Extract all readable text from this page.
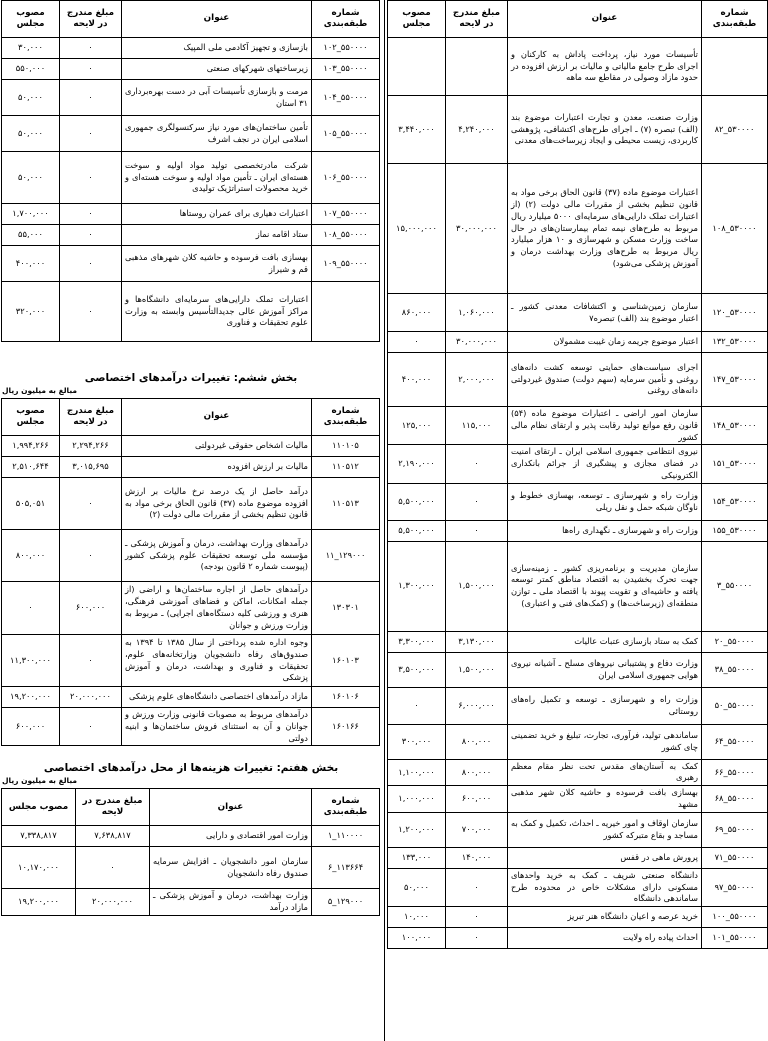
شماره طبقه‌بندی	عنوان	مبلغ مندرج در لایحه	مصوب مجلس
	تأسیسات مورد نیاز، پرداخت پاداش به کارکنان و اجرای طرح جامع مالیاتی و مالیات بر ارزش افزوده در حدود مازاد وصولی در مقاطع سه ماهه		
۵۳۰۰۰۰_۸۲	وزارت صنعت، معدن و تجارت اعتبارات موضوع بند (الف) تبصره (۷) ـ اجرای طرح‌های اکتشافی، پژوهشی کاربردی، زیست محیطی و ایجاد زیرساخت‌های معدنی	۴,۲۴۰,۰۰۰	۳,۴۴۰,۰۰۰
۵۳۰۰۰۰_۱۰۸	اعتبارات موضوع ماده (۳۷) قانون الحاق برخی مواد به قانون تنظیم بخشی از مقررات مالی دولت (۲) (از اعتبارات تملک دارایی‌های سرمایه‌ای ۵۰۰۰ میلیارد ریال مربوط به طرح‌های نیمه تمام بیمارستان‌های در حال ساخت وزارت مسکن و شهرسازی و ۱۰ هزار میلیارد ریال مربوط به طرح‌های وزارت بهداشت درمان و آموزش پزشکی می‌شود)	۳۰,۰۰۰,۰۰۰	۱۵,۰۰۰,۰۰۰
۵۳۰۰۰۰_۱۲۰	سازمان زمین‌شناسی و اکتشافات معدنی کشور ـ اعتبار موضوع بند (الف) تبصره۷	۱,۰۶۰,۰۰۰	۸۶۰,۰۰۰
۵۳۰۰۰۰_۱۳۲	اعتبار موضوع جریمه زمان غیبت مشمولان	۳۰,۰۰۰,۰۰۰	۰
۵۳۰۰۰۰_۱۴۷	اجرای سیاست‌های حمایتی توسعه کشت دانه‌های روغنی و تأمین سرمایه (سهم دولت) صندوق غیردولتی دانه‌های روغنی	۲,۰۰۰,۰۰۰	۴۰۰,۰۰۰
۵۳۰۰۰۰_۱۴۸	سازمان امور اراضی ـ اعتبارات موضوع ماده (۵۴) قانون رفع موانع تولید رقابت پذیر و ارتقای نظام مالی کشور	۱۱۵,۰۰۰	۱۲۵,۰۰۰
۵۳۰۰۰۰_۱۵۱	نیروی انتظامی جمهوری اسلامی ایران ـ ارتقای امنیت در فضای مجازی و پیشگیری از جرائم بانکداری الکترونیکی	۰	۲,۱۹۰,۰۰۰
۵۳۰۰۰۰_۱۵۴	وزارت راه و شهرسازی ـ توسعه، بهسازی خطوط و ناوگان شبکه حمل و نقل ریلی	۰	۵,۵۰۰,۰۰۰
۵۳۰۰۰۰_۱۵۵	وزارت راه و شهرسازی ـ نگهداری راه‌ها	۰	۵,۵۰۰,۰۰۰
۵۵۰۰۰۰_۳	سازمان مدیریت و برنامه‌ریزی کشور ـ زمینه‌سازی جهت تحرک بخشیدن به اقتصاد مناطق کمتر توسعه یافته و حاشیه‌ای و تقویت پیوند با اقتصاد ملی ـ توازن منطقه‌ای (زیرساخت‌ها) و (کمک‌های فنی و اعتباری)	۱,۵۰۰,۰۰۰	۱,۳۰۰,۰۰۰
۵۵۰۰۰۰_۲۰	کمک به ستاد بازسازی عتبات عالیات	۳,۱۳۰,۰۰۰	۳,۳۰۰,۰۰۰
۵۵۰۰۰۰_۳۸	وزارت دفاع و پشتیبانی نیروهای مسلح ـ آشیانه نیروی هوایی جمهوری اسلامی ایران	۱,۵۰۰,۰۰۰	۳,۵۰۰,۰۰۰
۵۵۰۰۰۰_۵۰	وزارت راه و شهرسازی ـ توسعه و تکمیل راه‌های روستائی	۶,۰۰۰,۰۰۰	۰
۵۵۰۰۰۰_۶۴	ساماندهی تولید، فرآوری، تجارت، تبلیغ و خرید تضمینی چای کشور	۸۰۰,۰۰۰	۳۰۰,۰۰۰
۵۵۰۰۰۰_۶۶	کمک به آستان‌های مقدس تحت نظر مقام معظم رهبری	۸۰۰,۰۰۰	۱,۱۰۰,۰۰۰
۵۵۰۰۰۰_۶۸	بهسازی بافت فرسوده و حاشیه کلان شهر مذهبی مشهد	۶۰۰,۰۰۰	۱,۰۰۰,۰۰۰
۵۵۰۰۰۰_۶۹	سازمان اوقاف و امور خیریه ـ احداث، تکمیل و کمک به مساجد و بقاع متبرکه کشور	۷۰۰,۰۰۰	۱,۲۰۰,۰۰۰
۵۵۰۰۰۰_۷۱	پرورش ماهی در قفس	۱۴۰,۰۰۰	۱۳۳,۰۰۰
۵۵۰۰۰۰_۹۷	دانشگاه صنعتی شریف ـ کمک به خرید واحدهای مسکونی دارای مشکلات خاص در محدوده طرح ساماندهی دانشگاه	۰	۵۰,۰۰۰
۵۵۰۰۰۰_۱۰۰	خرید عرصه و اعیان دانشگاه هنر تبریز	۰	۱۰,۰۰۰
۵۵۰۰۰۰_۱۰۱	احداث پیاده راه ولایت	۰	۱۰۰,۰۰۰
شماره طبقه‌بندی	عنوان	مبلغ مندرج در لایحه	مصوب مجلس
۵۵۰۰۰۰_۱۰۲	بازسازی و تجهیز آکادمی ملی المپیک	۰	۳۰,۰۰۰
۵۵۰۰۰۰_۱۰۳	زیرساختهای شهرکهای صنعتی	۰	۵۵۰,۰۰۰
۵۵۰۰۰۰_۱۰۴	مرمت و بازسازی تأسیسات آبی در دست بهره‌برداری ۳۱ استان	۰	۵۰,۰۰۰
۵۵۰۰۰۰_۱۰۵	تأمین ساختمان‌های مورد نیاز سرکنسولگری جمهوری اسلامی ایران در نجف اشرف	۰	۵۰,۰۰۰
۵۵۰۰۰۰_۱۰۶	شرکت مادرتخصصی تولید مواد اولیه و سوخت هسته‌ای ایران ـ تأمین مواد اولیه و سوخت هسته‌ای و خرید محصولات استراتژیک تولیدی	۰	۵۰,۰۰۰
۵۵۰۰۰۰_۱۰۷	اعتبارات دهیاری برای عمران روستاها	۰	۱,۷۰۰,۰۰۰
۵۵۰۰۰۰_۱۰۸	ستاد اقامه نماز	۰	۵۵,۰۰۰
۵۵۰۰۰۰_۱۰۹	بهسازی بافت فرسوده و حاشیه کلان شهرهای مذهبی قم و شیراز	۰	۴۰۰,۰۰۰
	اعتبارات تملک دارایی‌های سرمایه‌ای دانشگاه‌ها و مراکز آموزش عالی جدیدالتأسیس وابسته به وزارت علوم تحقیقات و فناوری	۰	۳۲۰,۰۰۰
بخش ششم: تغییرات درآمدهای اختصاصی
مبالغ به میلیون ریال
شماره طبقه‌بندی	عنوان	مبلغ مندرج در لایحه	مصوب مجلس
۱۱۰۱۰۵	مالیات اشخاص حقوقی غیردولتی	۲,۲۹۴,۲۶۶	۱,۹۹۴,۲۶۶
۱۱۰۵۱۲	مالیات بر ارزش افزوده	۳,۰۱۵,۶۹۵	۲,۵۱۰,۶۴۴
۱۱۰۵۱۳	درآمد حاصل از یک درصد نرخ مالیات بر ارزش افزوده موضوع ماده (۳۷) قانون الحاق برخی مواد به قانون تنظیم بخشی از مقررات مالی دولت (۲)	۰	۵۰۵,۰۵۱
۱۲۹۰۰۰_۱۱	درآمدهای وزارت بهداشت، درمان و آموزش پزشکی ـ مؤسسه ملی توسعه تحقیقات علوم پزشکی کشور (پیوست شماره ۲ قانون بودجه)	۰	۸۰۰,۰۰۰
۱۳۰۳۰۱	درآمدهای حاصل از اجاره ساختمان‌ها و اراضی (از جمله امکانات، اماکن و فضاهای آموزشی فرهنگی، هنری و ورزشی کلیه دستگاه‌های اجرایی) ـ مربوط به وزارت ورزش و جوانان	۶۰۰,۰۰۰	۰
۱۶۰۱۰۳	وجوه اداره شده پرداختی از سال ۱۳۸۵ تا ۱۳۹۴ به صندوق‌های رفاه دانشجویان وزارتخانه‌های علوم، تحقیقات و فناوری و بهداشت، درمان و آموزش پزشکی	۰	۱۱,۳۰۰,۰۰۰
۱۶۰۱۰۶	مازاد درآمدهای اختصاصی دانشگاه‌های علوم پزشکی	۲۰,۰۰۰,۰۰۰	۱۹,۲۰۰,۰۰۰
۱۶۰۱۶۶	درآمدهای مربوط به مصوبات قانونی وزارت ورزش و جوانان و آن به استثنای فروش ساختمان‌ها و ابنیه دولتی	۰	۶۰۰,۰۰۰
بخش هفتم: تغییرات هزینه‌ها از محل درآمدهای اختصاصی
مبالغ به میلیون ریال
شماره طبقه‌بندی	عنوان	مبلغ مندرج در لایحه	مصوب مجلس
۱۱۰۰۰۰_۱	وزارت امور اقتصادی و دارایی	۷,۶۳۸,۸۱۷	۷,۳۳۸,۸۱۷
۱۱۳۶۶۴_۶	سازمان امور دانشجویان ـ افزایش سرمایه صندوق رفاه دانشجویان	۰	۱۰,۱۷۰,۰۰۰
۱۲۹۰۰۰_۵	وزارت بهداشت، درمان و آموزش پزشکی ـ مازاد درآمد	۲۰,۰۰۰,۰۰۰	۱۹,۲۰۰,۰۰۰
